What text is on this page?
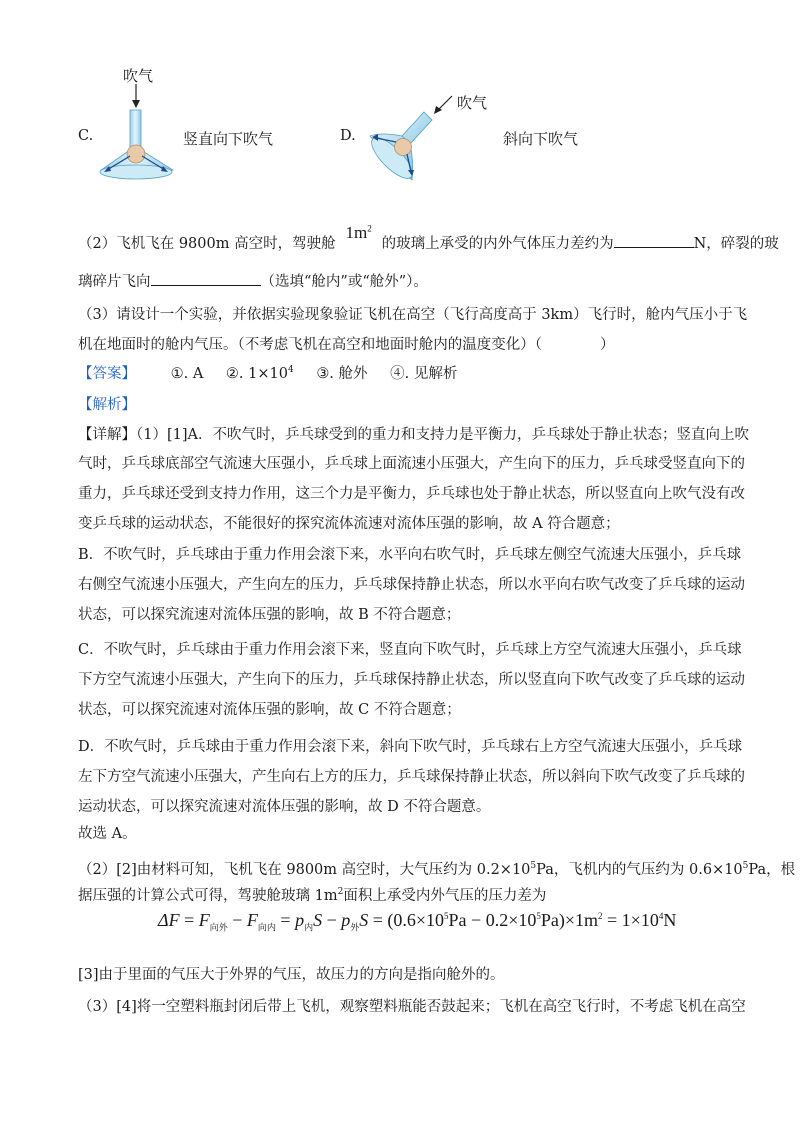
C.
吹气
竖直向下吹气	D.
吹气
斜向下吹气
（2）飞机飞在 9800m 高空时，驾驶舱$1m^2$的玻璃上承受的内外气体压力差约为	N，碎裂的玻
璃碎片飞向	（选填“舱内”或“舱外”）。
（3）请设计一个实验，并依据实验现象验证飞机在高空（飞行高度高于 3km）飞行时，舱内气压小于飞
机在地面时的舱内气压。（不考虑飞机在高空和地面时舱内的温度变化）（　　　　）
【答案】 ①. A ②. $1\times 10^4$ ③. 舱外 ④. 见解析
【解析】
【详解】（1）[1]A．不吹气时，乒乓球受到的重力和支持力是平衡力，乒乓球处于静止状态；竖直向上吹
气时，乒乓球底部空气流速大压强小，乒乓球上面流速小压强大，产生向下的压力，乒乓球受竖直向下的
重力，乒乓球还受到支持力作用，这三个力是平衡力，乒乓球也处于静止状态，所以竖直向上吹气没有改
变乒乓球的运动状态，不能很好的探究流体流速对流体压强的影响，故 A 符合题意；
B．不吹气时，乒乓球由于重力作用会滚下来，水平向右吹气时，乒乓球左侧空气流速大压强小，乒乓球
右侧空气流速小压强大，产生向左的压力，乒乓球保持静止状态，所以水平向右吹气改变了乒乓球的运动
状态，可以探究流速对流体压强的影响，故 B 不符合题意；
C．不吹气时，乒乓球由于重力作用会滚下来，竖直向下吹气时，乒乓球上方空气流速大压强小，乒乓球
下方空气流速小压强大，产生向下的压力，乒乓球保持静止状态，所以竖直向下吹气改变了乒乓球的运动
状态，可以探究流速对流体压强的影响，故 C 不符合题意；
D．不吹气时，乒乓球由于重力作用会滚下来，斜向下吹气时，乒乓球右上方空气流速大压强小，乒乓球
左下方空气流速小压强大，产生向右上方的压力，乒乓球保持静止状态，所以斜向下吹气改变了乒乓球的
运动状态，可以探究流速对流体压强的影响，故 D 不符合题意。
故选 A。
（2）[2]由材料可知，飞机飞在 9800m 高空时，大气压约为 $0.2\times 10^5Pa$，飞机内的气压约为 $0.6\times 10^5Pa$，根
据压强的计算公式可得，驾驶舱玻璃 $1m^2$面积上承受内外气压的压力差为
$\Delta F = F_{向外} - F_{向内} = p_内S - p_外S = (0.6\times 10^5Pa - 0.2\times 10^5Pa)\times 1m^2 = 1\times 10^4N$
[3]由于里面的气压大于外界的气压，故压力的方向是指向舱外的。
（3）[4]将一空塑料瓶封闭后带上飞机，观察塑料瓶能否鼓起来；飞机在高空飞行时，不考虑飞机在高空
